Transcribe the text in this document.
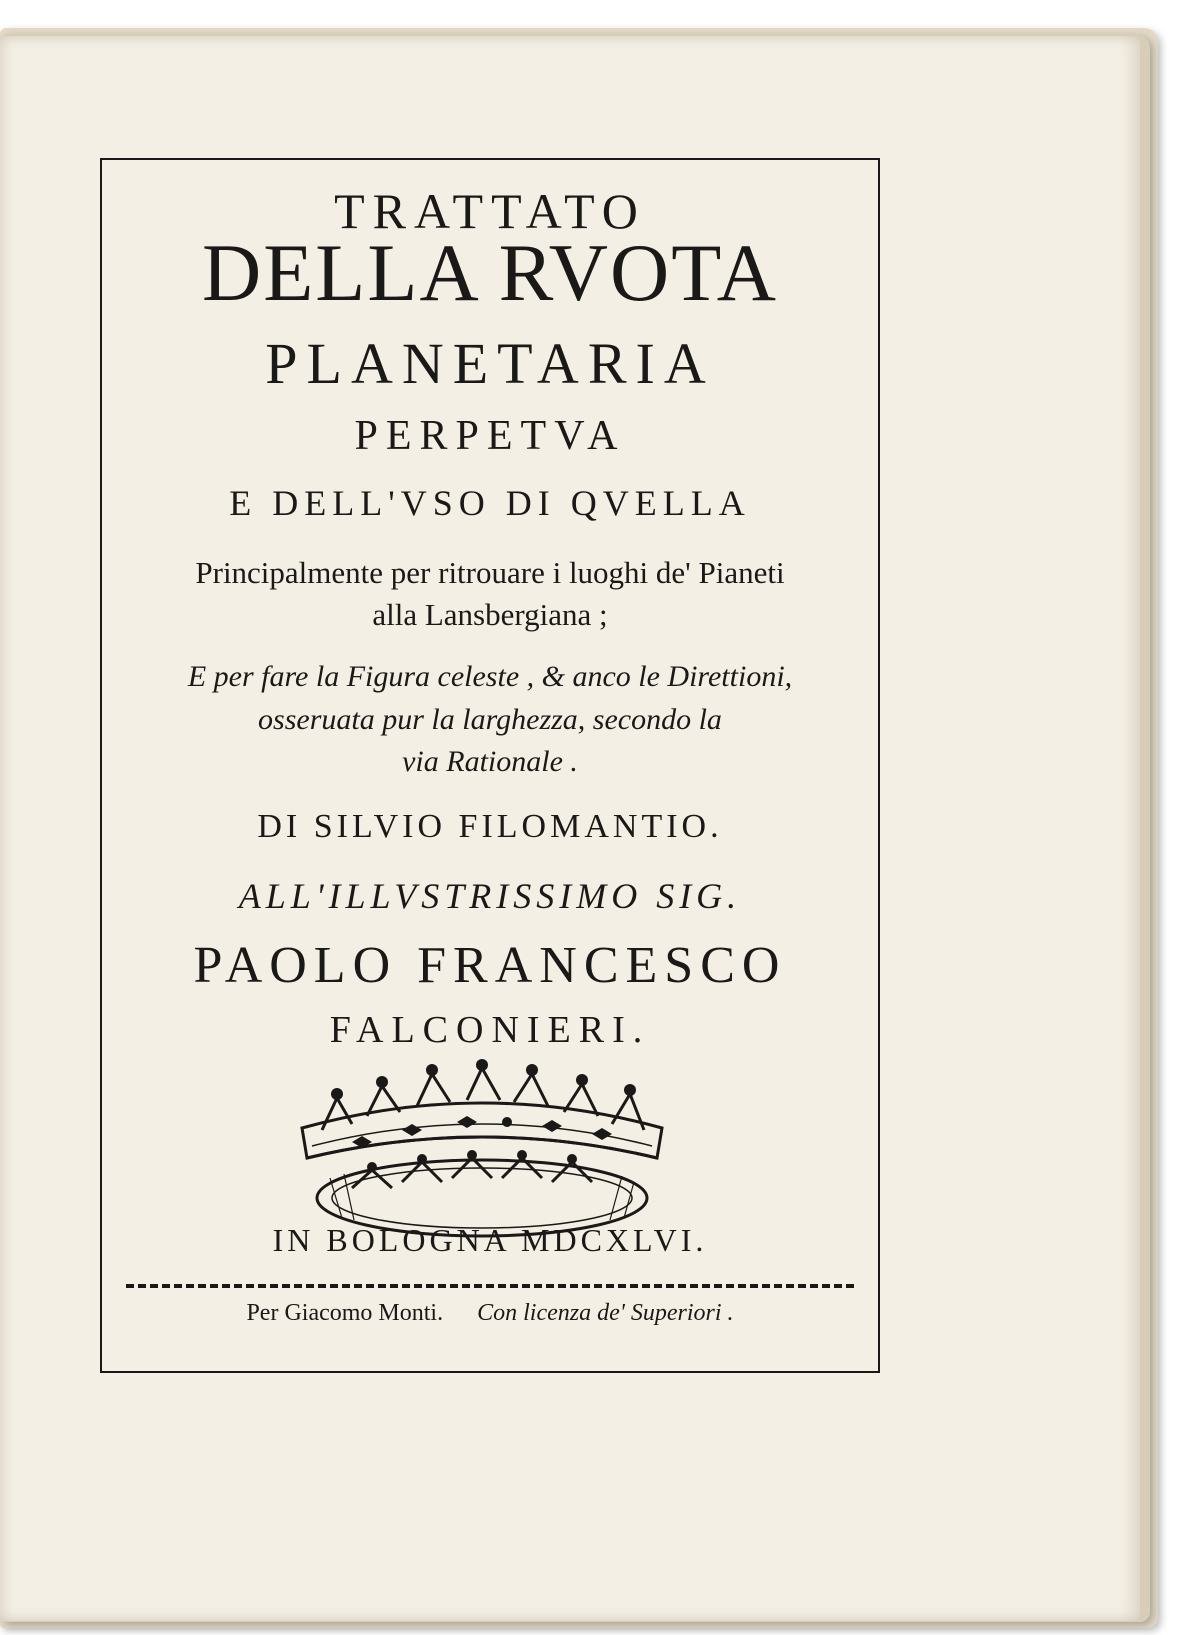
TRATTATO
DELLA RVOTA
PLANETARIA
PERPETVA
E DELL'VSO DI QVELLA
Principalmente per ritrouare i luoghi de' Pianeti
alla Lansbergiana ;
E per fare la Figura celeste , & anco le Direttioni,
osseruata pur la larghezza, secondo la
via Rationale .
DI SILVIO FILOMANTIO.
ALL'ILLVSTRISSIMO SIG.
PAOLO FRANCESCO
FALCONIERI.
IN BOLOGNA MDCXLVI.
Per Giacomo Monti. Con licenza de' Superiori .
